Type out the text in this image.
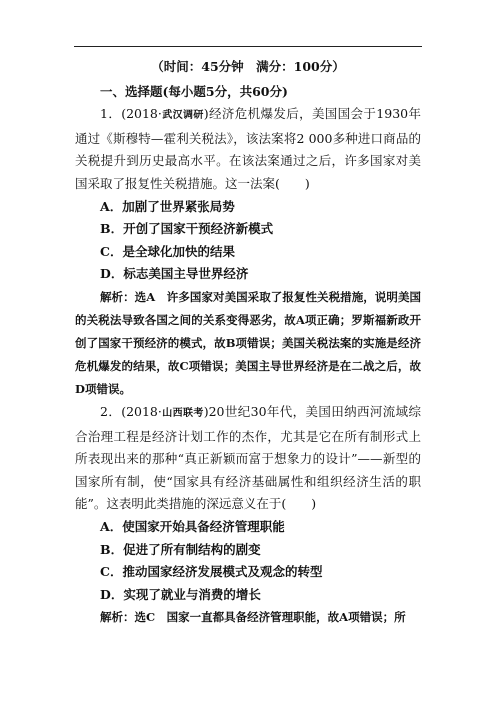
（时间：45分钟　满分：100分）
一、选择题(每小题5分，共60分)

1．(2018·武汉调研)经济危机爆发后，美国国会于1930年通过《斯穆特—霍利关税法》，该法案将2 000多种进口商品的关税提升到历史最高水平。在该法案通过之后，许多国家对美国采取了报复性关税措施。这一法案(　　)

A．加剧了世界紧张局势
B．开创了国家干预经济新模式
C．是全球化加快的结果
D．标志美国主导世界经济

解析：选A　许多国家对美国采取了报复性关税措施，说明美国的关税法导致各国之间的关系变得恶劣，故A项正确；罗斯福新政开创了国家干预经济的模式，故B项错误；美国关税法案的实施是经济危机爆发的结果，故C项错误；美国主导世界经济是在二战之后，故D项错误。

2．(2018·山西联考)20世纪30年代，美国田纳西河流域综合治理工程是经济计划工作的杰作，尤其是它在所有制形式上所表现出来的那种“真正新颖而富于想象力的设计”——新型的国家所有制，使“国家具有经济基础属性和组织经济生活的职能”。这表明此类措施的深远意义在于(　　)

A．使国家开始具备经济管理职能
B．促进了所有制结构的剧变
C．推动国家经济发展模式及观念的转型
D．实现了就业与消费的增长

解析：选C　国家一直都具备经济管理职能，故A项错误；所
